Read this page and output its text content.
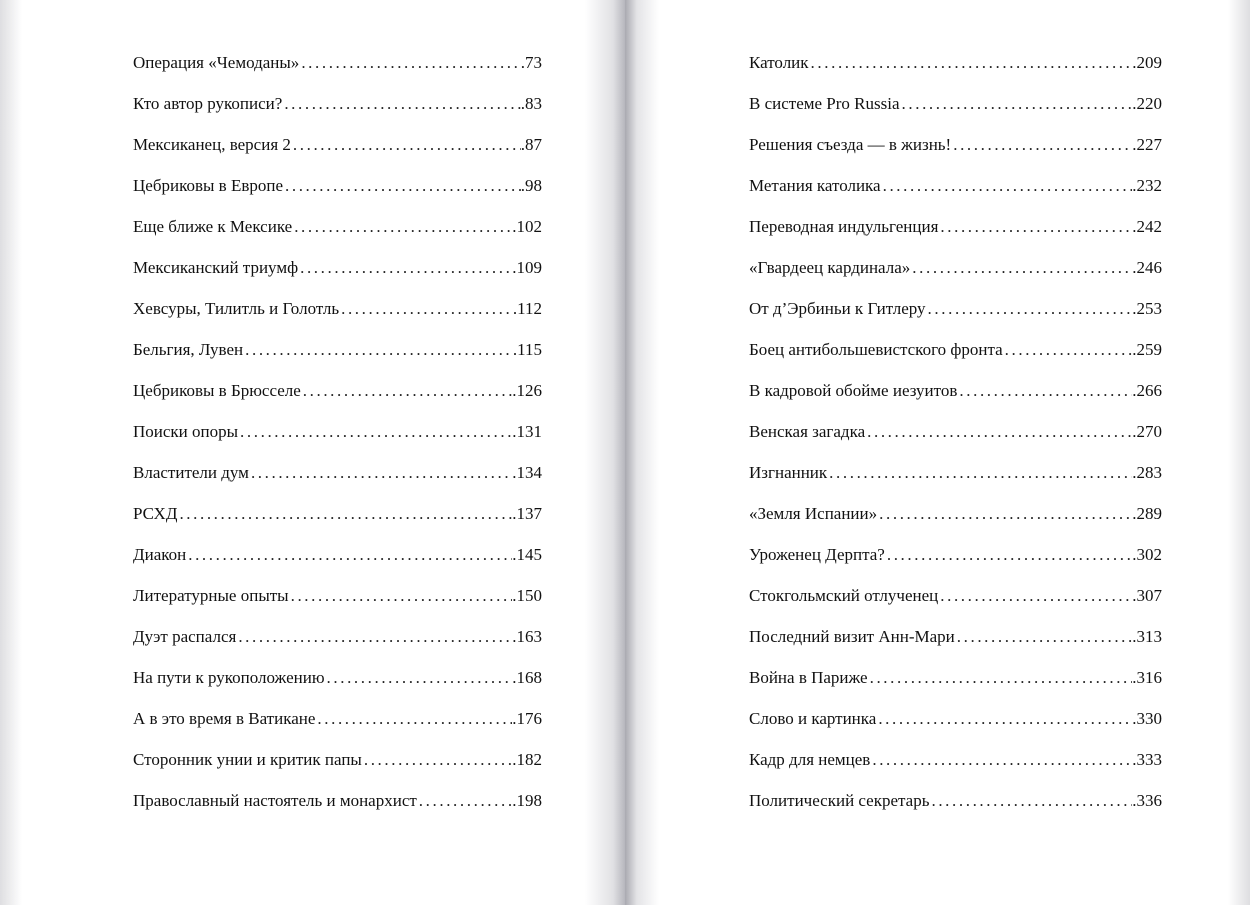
Операция «Чемоданы» .....	.73
Кто автор рукописи? .....	.83
Мексиканец, версия 2 .....	.87
Цебриковы в Европе .....	.98
Еще ближе к Мексике .....	.102
Мексиканский триумф .....	.109
Хевсуры, Тилитль и Голотль .....	.112
Бельгия, Лувен .....	.115
Цебриковы в Брюсселе .....	.126
Поиски опоры .....	.131
Властители дум .....	.134
РСХД .....	.137
Диакон .....	.145
Литературные опыты .....	.150
Дуэт распался .....	.163
На пути к рукоположению .....	.168
А в это время в Ватикане .....	.176
Сторонник унии и критик папы .....	.182
Православный настоятель и монархист .....	.198
Католик .....	.209
В системе Pro Russia .....	.220
Решения съезда — в жизнь! .....	.227
Метания католика .....	.232
Переводная индульгенция .....	.242
«Гвардеец кардинала» .....	.246
От д’Эрбиньи к Гитлеру .....	.253
Боец антибольшевистского фронта .....	.259
В кадровой обойме иезуитов .....	.266
Венская загадка .....	.270
Изгнанник .....	.283
«Земля Испании» .....	.289
Уроженец Дерпта? .....	.302
Стокгольмский отлученец .....	.307
Последний визит Анн-Мари .....	.313
Война в Париже .....	.316
Слово и картинка .....	.330
Кадр для немцев .....	.333
Политический секретарь .....	.336
